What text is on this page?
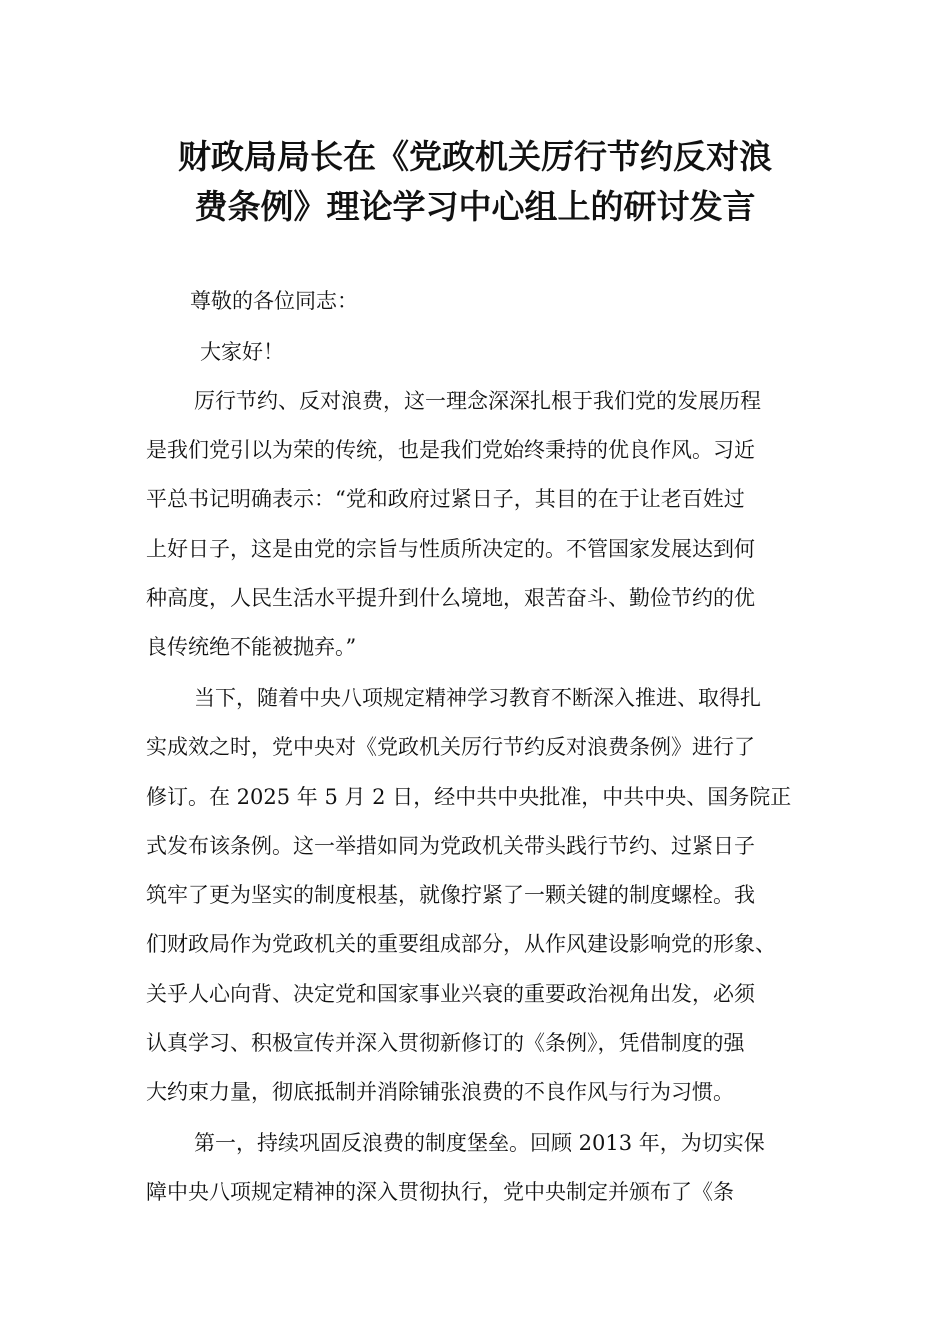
财政局局长在《党政机关厉行节约反对浪
费条例》理论学习中心组上的研讨发言
尊敬的各位同志：
大家好！
厉行节约、反对浪费，这一理念深深扎根于我们党的发展历程
是我们党引以为荣的传统，也是我们党始终秉持的优良作风。习近
平总书记明确表示：“党和政府过紧日子，其目的在于让老百姓过
上好日子，这是由党的宗旨与性质所决定的。不管国家发展达到何
种高度，人民生活水平提升到什么境地，艰苦奋斗、勤俭节约的优
良传统绝不能被抛弃。”
当下，随着中央八项规定精神学习教育不断深入推进、取得扎
实成效之时，党中央对《党政机关厉行节约反对浪费条例》进行了
修订。在 2025 年 5 月 2 日，经中共中央批准，中共中央、国务院正
式发布该条例。这一举措如同为党政机关带头践行节约、过紧日子
筑牢了更为坚实的制度根基，就像拧紧了一颗关键的制度螺栓。我
们财政局作为党政机关的重要组成部分，从作风建设影响党的形象、
关乎人心向背、决定党和国家事业兴衰的重要政治视角出发，必须
认真学习、积极宣传并深入贯彻新修订的《条例》，凭借制度的强
大约束力量，彻底抵制并消除铺张浪费的不良作风与行为习惯。
第一，持续巩固反浪费的制度堡垒。回顾 2013 年，为切实保
障中央八项规定精神的深入贯彻执行，党中央制定并颁布了《条
